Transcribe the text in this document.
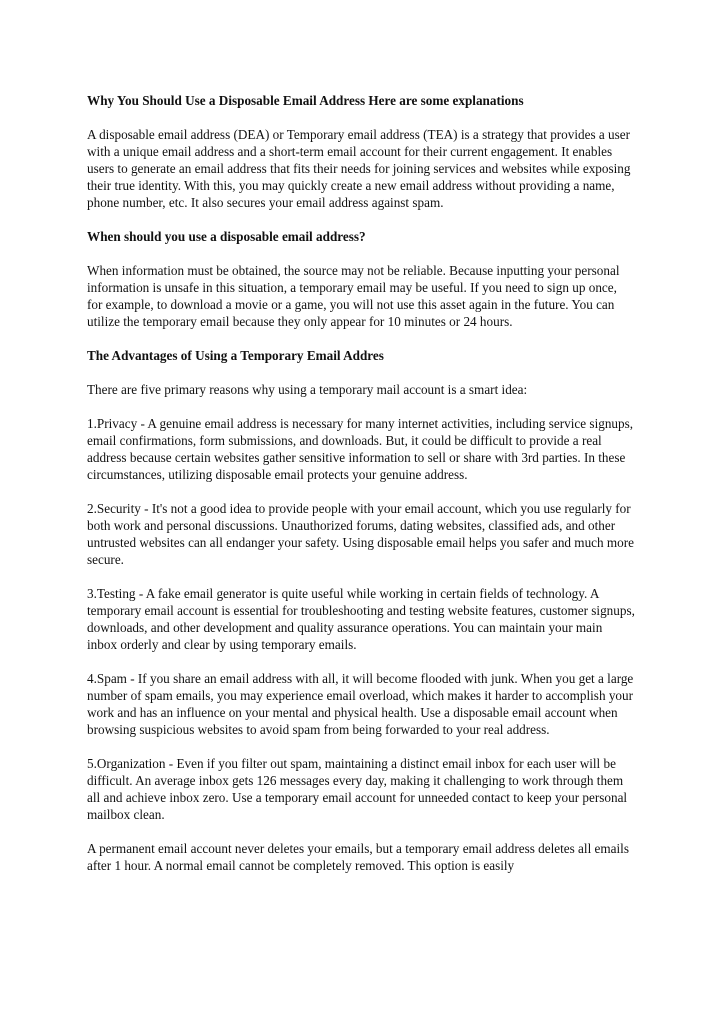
Why You Should Use a Disposable Email Address Here are some explanations

A disposable email address (DEA) or Temporary email address (TEA) is a strategy that provides a user with a unique email address and a short-term email account for their current engagement. It enables users to generate an email address that fits their needs for joining services and websites while exposing their true identity. With this, you may quickly create a new email address without providing a name, phone number, etc. It also secures your email address against spam.

When should you use a disposable email address?

When information must be obtained, the source may not be reliable. Because inputting your personal information is unsafe in this situation, a temporary email may be useful. If you need to sign up once, for example, to download a movie or a game, you will not use this asset again in the future. You can utilize the temporary email because they only appear for 10 minutes or 24 hours.

The Advantages of Using a Temporary Email Addres

There are five primary reasons why using a temporary mail account is a smart idea:

1.Privacy - A genuine email address is necessary for many internet activities, including service signups, email confirmations, form submissions, and downloads. But, it could be difficult to provide a real address because certain websites gather sensitive information to sell or share with 3rd parties. In these circumstances, utilizing disposable email protects your genuine address.

2.Security - It's not a good idea to provide people with your email account, which you use regularly for both work and personal discussions. Unauthorized forums, dating websites, classified ads, and other untrusted websites can all endanger your safety. Using disposable email helps you safer and much more secure.

3.Testing - A fake email generator is quite useful while working in certain fields of technology. A temporary email account is essential for troubleshooting and testing website features, customer signups, downloads, and other development and quality assurance operations. You can maintain your main inbox orderly and clear by using temporary emails.

4.Spam - If you share an email address with all, it will become flooded with junk. When you get a large number of spam emails, you may experience email overload, which makes it harder to accomplish your work and has an influence on your mental and physical health. Use a disposable email account when browsing suspicious websites to avoid spam from being forwarded to your real address.

5.Organization - Even if you filter out spam, maintaining a distinct email inbox for each user will be difficult. An average inbox gets 126 messages every day, making it challenging to work through them all and achieve inbox zero. Use a temporary email account for unneeded contact to keep your personal mailbox clean.

A permanent email account never deletes your emails, but a temporary email address deletes all emails after 1 hour. A normal email cannot be completely removed. This option is easily
